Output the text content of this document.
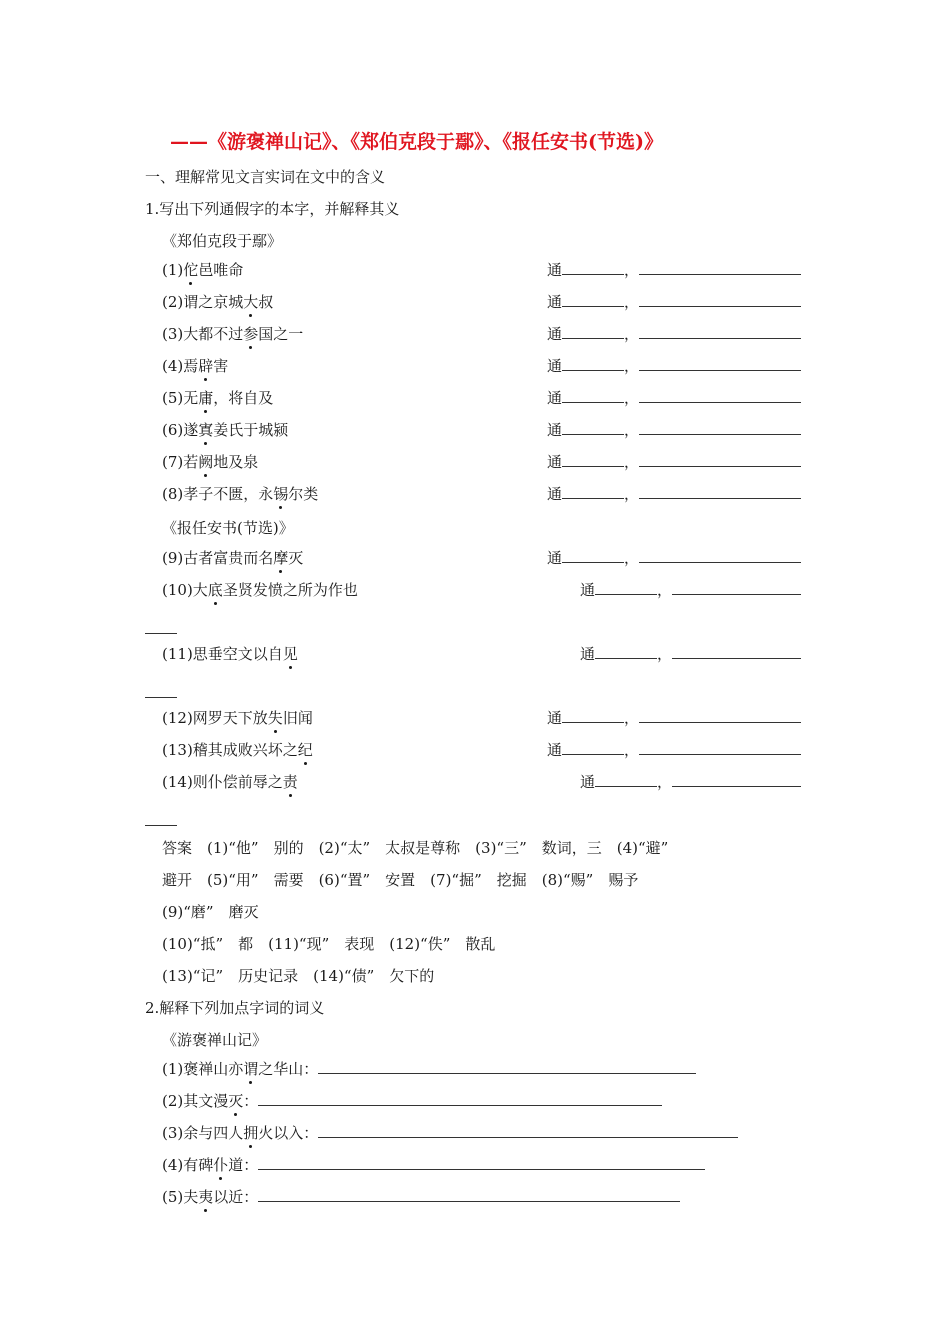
——《游褒禅山记》、《郑伯克段于鄢》、《报任安书(节选)》
一、理解常见文言实词在文中的含义
1.写出下列通假字的本字，并解释其义
《郑伯克段于鄢》
(1)佗邑唯命	通	，
(2)谓之京城大叔	通	，
(3)大都不过参国之一	通	，
(4)焉辟害	通	，
(5)无庸，将自及	通	，
(6)遂寘姜氏于城颍	通	，
(7)若阙地及泉	通	，
(8)孝子不匮，永锡尔类	通	，
(9)古者富贵而名摩灭	通	，
(10)大底圣贤发愤之所为作也	通	，
(11)思垂空文以自见	通	，
(12)网罗天下放失旧闻	通	，
(13)稽其成败兴坏之纪	通	，
(14)则仆偿前辱之责	通	，
《报任安书(节选)》
答案　(1)“他”　别的　(2)“太”　太叔是尊称　(3)“三”　数词，三　(4)“避”
避开　(5)“用”　需要　(6)“置”　安置　(7)“掘”　挖掘　(8)“赐”　赐予
(9)“磨”　磨灭
(10)“抵”　都　(11)“现”　表现　(12)“佚”　散乱
(13)“记”　历史记录　(14)“债”　欠下的
2.解释下列加点字词的词义
《游褒禅山记》
(1)褒禅山亦谓之华山：
(2)其文漫灭：
(3)余与四人拥火以入：
(4)有碑仆道：
(5)夫夷以近：
